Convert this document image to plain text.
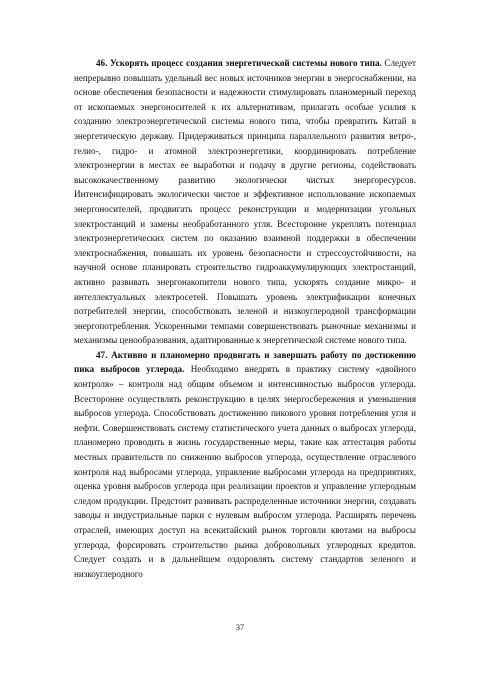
46. Ускорять процесс создания энергетической системы нового типа. Следует непрерывно повышать удельный вес новых источников энергии в энергоснабжении, на основе обеспечения безопасности и надежности стимулировать планомерный переход от ископаемых энергоносителей к их альтернативам, прилагать особые усилия к созданию электроэнергетической системы нового типа, чтобы превратить Китай в энергетическую державу. Придерживаться принципа параллельного развития ветро-, гелио-, гидро- и атомной электроэнергетики, координировать потребление электроэнергии в местах ее выработки и подачу в другие регионы, содействовать высококачественному развитию экологически чистых энергоресурсов. Интенсифицировать экологически чистое и эффективное использование ископаемых энергоносителей, продвигать процесс реконструкции и модернизации угольных электростанций и замены необработанного угля. Всесторонне укреплять потенциал электроэнергетических систем по оказанию взаимной поддержки в обеспечении электроснабжения, повышать их уровень безопасности и стрессоустойчивости, на научной основе планировать строительство гидроаккумулирующих электростанций, активно развивать энергонакопители нового типа, ускорять создание микро- и интеллектуальных электросетей. Повышать уровень электрификации конечных потребителей энергии, способствовать зеленой и низкоуглеродной трансформации энергопотребления. Ускоренными темпами совершенствовать рыночные механизмы и механизмы ценообразования, адаптированные к энергетической системе нового типа.

47. Активно и планомерно продвигать и завершать работу по достижению пика выбросов углерода. Необходимо внедрять в практику систему «двойного контроля» – контроля над общим объемом и интенсивностью выбросов углерода. Всесторонне осуществлять реконструкцию в целях энергосбережения и уменьшения выбросов углерода. Способствовать достижению пикового уровня потребления угля и нефти. Совершенствовать систему статистического учета данных о выбросах углерода, планомерно проводить в жизнь государственные меры, такие как аттестация работы местных правительств по снижению выбросов углерода, осуществление отраслевого контроля над выбросами углерода, управление выбросами углерода на предприятиях, оценка уровня выбросов углерода при реализации проектов и управление углеродным следом продукции. Предстоит развивать распределенные источники энергии, создавать заводы и индустриальные парки с нулевым выбросом углерода. Расширять перечень отраслей, имеющих доступ на всекитайский рынок торговли квотами на выбросы углерода, форсировать строительство рынка добровольных углеродных кредитов. Следует создать и в дальнейшем оздоровлять систему стандартов зеленого и низкоуглеродного

37
